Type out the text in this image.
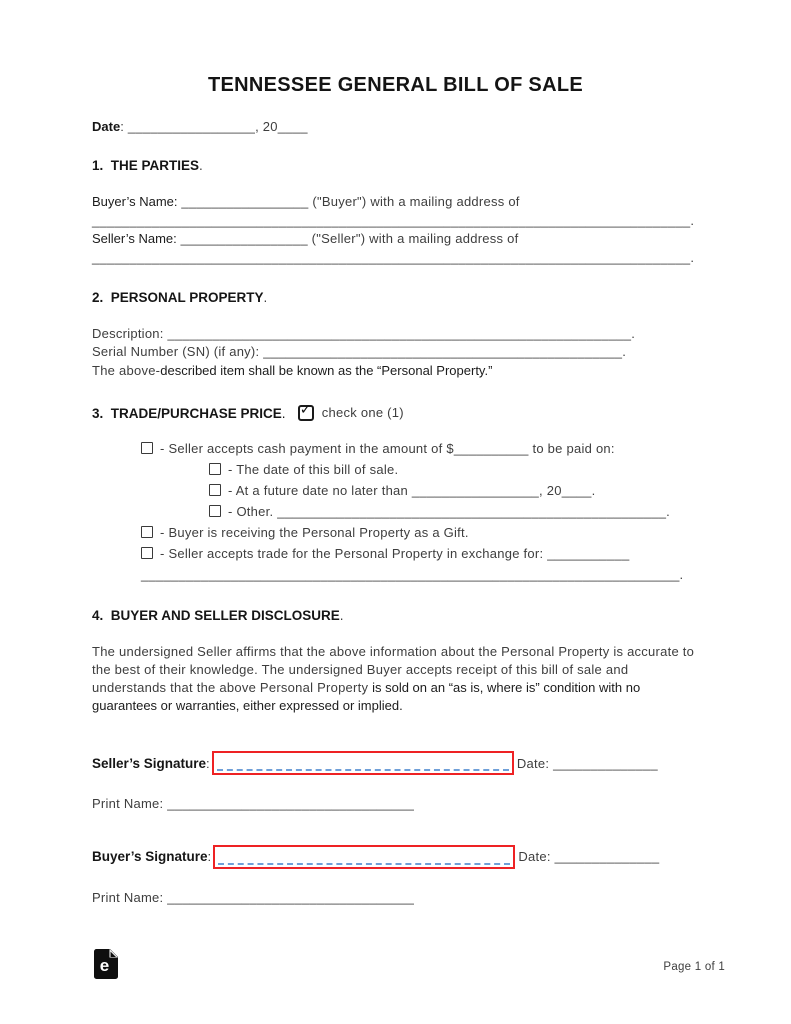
TENNESSEE GENERAL BILL OF SALE
Date: _________________, 20____
1.  THE PARTIES.
Buyer’s Name: _________________ ("Buyer") with a mailing address of
________________________________________________________________________________.
Seller’s Name: _________________ ("Seller") with a mailing address of
________________________________________________________________________________.
2.  PERSONAL PROPERTY.
Description: ______________________________________________________________.
Serial Number (SN) (if any): ________________________________________________.
The above-described item shall be known as the “Personal Property.”
3.  TRADE/PURCHASE PRICE . ✓ check one (1)
- Seller accepts cash payment in the amount of $__________ to be paid on:
- The date of this bill of sale.
- At a future date no later than _________________, 20____.
- Other. ____________________________________________________.
- Buyer is receiving the Personal Property as a Gift.
- Seller accepts trade for the Personal Property in exchange for: ___________
________________________________________________________________________.
4.  BUYER AND SELLER DISCLOSURE.
The undersigned Seller affirms that the above information about the Personal Property is accurate to the best of their knowledge. The undersigned Buyer accepts receipt of this bill of sale and understands that the above Personal Property is sold on an “as is, where is” condition with no guarantees or warranties, either expressed or implied.
Seller’s Signature :	Date: ______________
Print Name: _________________________________
Buyer’s Signature :	Date: ______________
Print Name: _________________________________
e	Page 1 of 1
